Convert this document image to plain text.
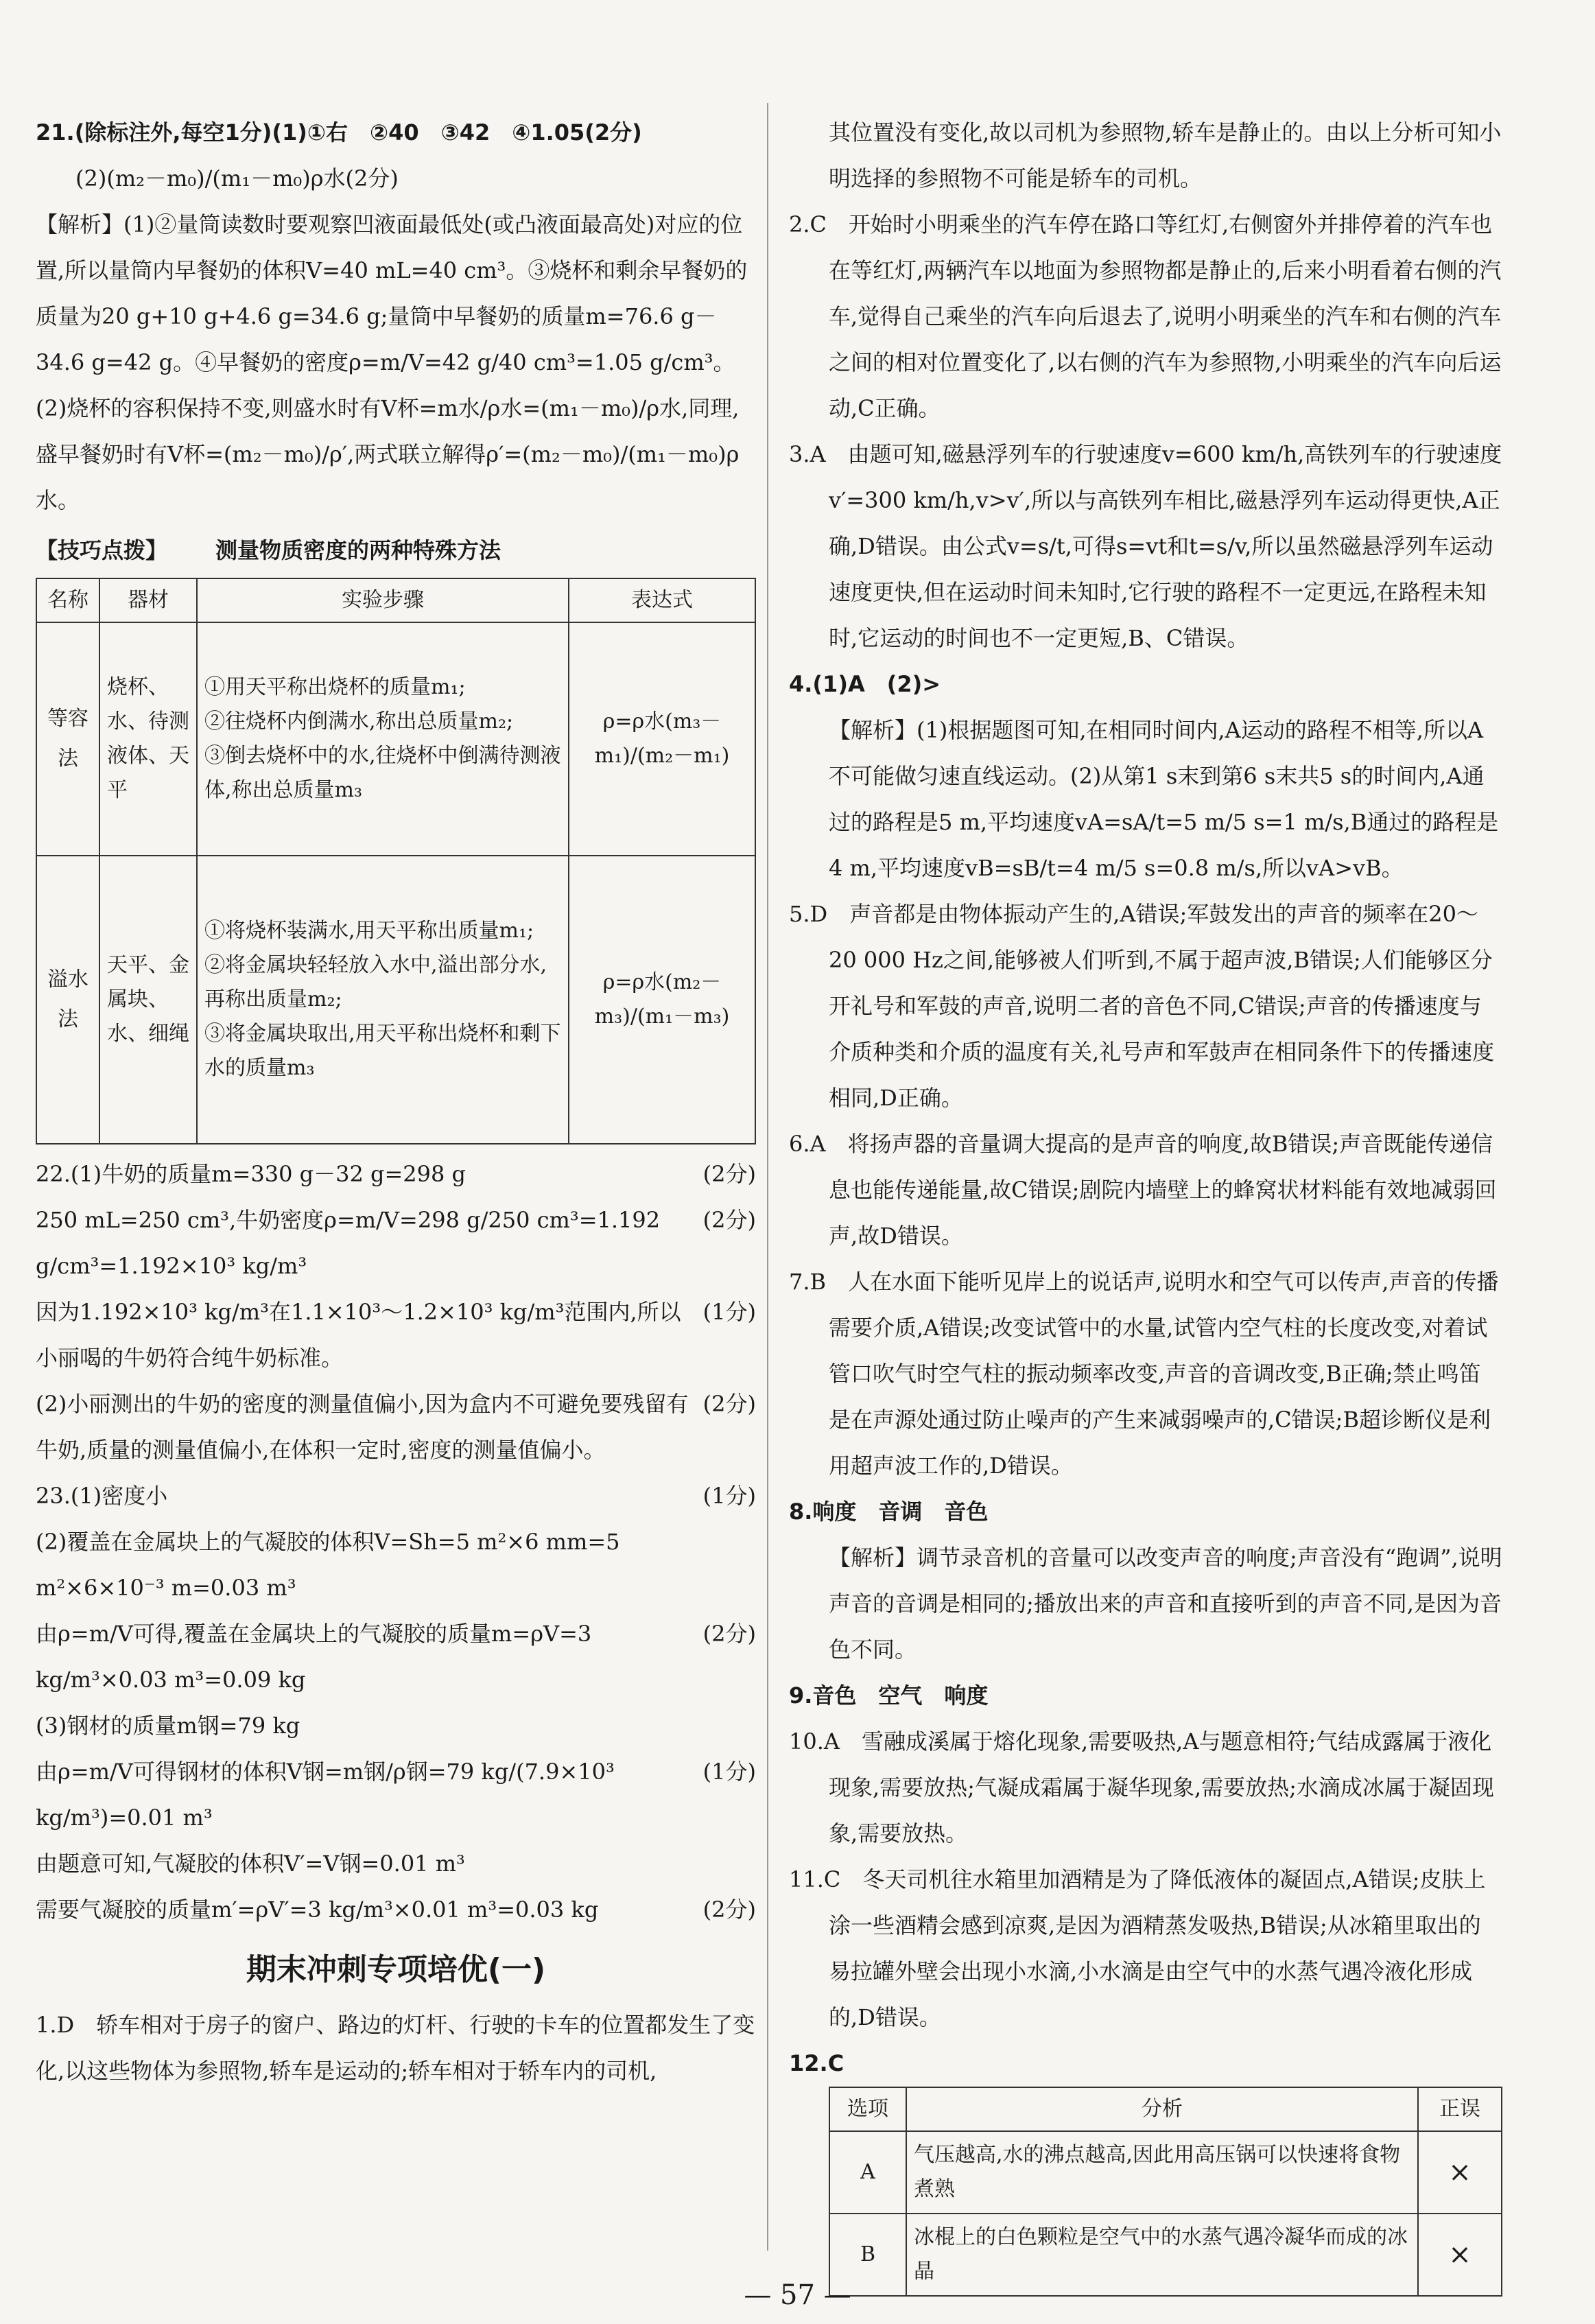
21.(除标注外,每空1分)(1)①右　②40　③42　④1.05(2分)

(2)(m₂－m₀)/(m₁－m₀)ρ水(2分)

【解析】(1)②量筒读数时要观察凹液面最低处(或凸液面最高处)对应的位置,所以量筒内早餐奶的体积V=40 mL=40 cm³。③烧杯和剩余早餐奶的质量为20 g+10 g+4.6 g=34.6 g;量筒中早餐奶的质量m=76.6 g－34.6 g=42 g。④早餐奶的密度ρ=m/V=42 g/40 cm³=1.05 g/cm³。(2)烧杯的容积保持不变,则盛水时有V杯=m水/ρ水=(m₁－m₀)/ρ水,同理,盛早餐奶时有V杯=(m₂－m₀)/ρ′,两式联立解得ρ′=(m₂－m₀)/(m₁－m₀)ρ水。

【技巧点拨】 测量物质密度的两种特殊方法
名称	器材	实验步骤	表达式
等容法	烧杯、水、待测液体、天平	①用天平称出烧杯的质量m₁;
②往烧杯内倒满水,称出总质量m₂;
③倒去烧杯中的水,往烧杯中倒满待测液体,称出总质量m₃	ρ=ρ水(m₃－m₁)/(m₂－m₁)
溢水法	天平、金属块、水、细绳	①将烧杯装满水,用天平称出质量m₁;
②将金属块轻轻放入水中,溢出部分水,再称出质量m₂;
③将金属块取出,用天平称出烧杯和剩下水的质量m₃	ρ=ρ水(m₂－m₃)/(m₁－m₃)
22.(1)牛奶的质量m=330 g－32 g=298 g	(2分)
250 mL=250 cm³,牛奶密度ρ=m/V=298 g/250 cm³=1.192 g/cm³=1.192×10³ kg/m³
(2分)
因为1.192×10³ kg/m³在1.1×10³～1.2×10³ kg/m³范围内,所以小丽喝的牛奶符合纯牛奶标准。
(1分)
(2)小丽测出的牛奶的密度的测量值偏小,因为盒内不可避免要残留有牛奶,质量的测量值偏小,在体积一定时,密度的测量值偏小。
(2分)
23.(1)密度小	(1分)
(2)覆盖在金属块上的气凝胶的体积V=Sh=5 m²×6 mm=5 m²×6×10⁻³ m=0.03 m³
由ρ=m/V可得,覆盖在金属块上的气凝胶的质量m=ρV=3 kg/m³×0.03 m³=0.09 kg
(2分)
(3)钢材的质量m钢=79 kg
由ρ=m/V可得钢材的体积V钢=m钢/ρ钢=79 kg/(7.9×10³ kg/m³)=0.01 m³
(1分)
由题意可知,气凝胶的体积V′=V钢=0.01 m³
需要气凝胶的质量m′=ρV′=3 kg/m³×0.01 m³=0.03 kg	(2分)
期末冲刺专项培优(一)

1.D　轿车相对于房子的窗户、路边的灯杆、行驶的卡车的位置都发生了变化,以这些物体为参照物,轿车是运动的;轿车相对于轿车内的司机,

其位置没有变化,故以司机为参照物,轿车是静止的。由以上分析可知小明选择的参照物不可能是轿车的司机。

2.C　开始时小明乘坐的汽车停在路口等红灯,右侧窗外并排停着的汽车也在等红灯,两辆汽车以地面为参照物都是静止的,后来小明看着右侧的汽车,觉得自己乘坐的汽车向后退去了,说明小明乘坐的汽车和右侧的汽车之间的相对位置变化了,以右侧的汽车为参照物,小明乘坐的汽车向后运动,C正确。

3.A　由题可知,磁悬浮列车的行驶速度v=600 km/h,高铁列车的行驶速度v′=300 km/h,v>v′,所以与高铁列车相比,磁悬浮列车运动得更快,A正确,D错误。由公式v=s/t,可得s=vt和t=s/v,所以虽然磁悬浮列车运动速度更快,但在运动时间未知时,它行驶的路程不一定更远,在路程未知时,它运动的时间也不一定更短,B、C错误。

4.(1)A　(2)>

【解析】(1)根据题图可知,在相同时间内,A运动的路程不相等,所以A不可能做匀速直线运动。(2)从第1 s末到第6 s末共5 s的时间内,A通过的路程是5 m,平均速度vA=sA/t=5 m/5 s=1 m/s,B通过的路程是4 m,平均速度vB=sB/t=4 m/5 s=0.8 m/s,所以vA>vB。

5.D　声音都是由物体振动产生的,A错误;军鼓发出的声音的频率在20～20 000 Hz之间,能够被人们听到,不属于超声波,B错误;人们能够区分开礼号和军鼓的声音,说明二者的音色不同,C错误;声音的传播速度与介质种类和介质的温度有关,礼号声和军鼓声在相同条件下的传播速度相同,D正确。

6.A　将扬声器的音量调大提高的是声音的响度,故B错误;声音既能传递信息也能传递能量,故C错误;剧院内墙壁上的蜂窝状材料能有效地减弱回声,故D错误。

7.B　人在水面下能听见岸上的说话声,说明水和空气可以传声,声音的传播需要介质,A错误;改变试管中的水量,试管内空气柱的长度改变,对着试管口吹气时空气柱的振动频率改变,声音的音调改变,B正确;禁止鸣笛是在声源处通过防止噪声的产生来减弱噪声的,C错误;B超诊断仪是利用超声波工作的,D错误。

8.响度　音调　音色

【解析】调节录音机的音量可以改变声音的响度;声音没有“跑调”,说明声音的音调是相同的;播放出来的声音和直接听到的声音不同,是因为音色不同。

9.音色　空气　响度

10.A　雪融成溪属于熔化现象,需要吸热,A与题意相符;气结成露属于液化现象,需要放热;气凝成霜属于凝华现象,需要放热;水滴成冰属于凝固现象,需要放热。

11.C　冬天司机往水箱里加酒精是为了降低液体的凝固点,A错误;皮肤上涂一些酒精会感到凉爽,是因为酒精蒸发吸热,B错误;从冰箱里取出的易拉罐外壁会出现小水滴,小水滴是由空气中的水蒸气遇冷液化形成的,D错误。

12.C

选项	分析	正误
A	气压越高,水的沸点越高,因此用高压锅可以快速将食物煮熟	×
B	冰棍上的白色颗粒是空气中的水蒸气遇冷凝华而成的冰晶	×
— 57 —
